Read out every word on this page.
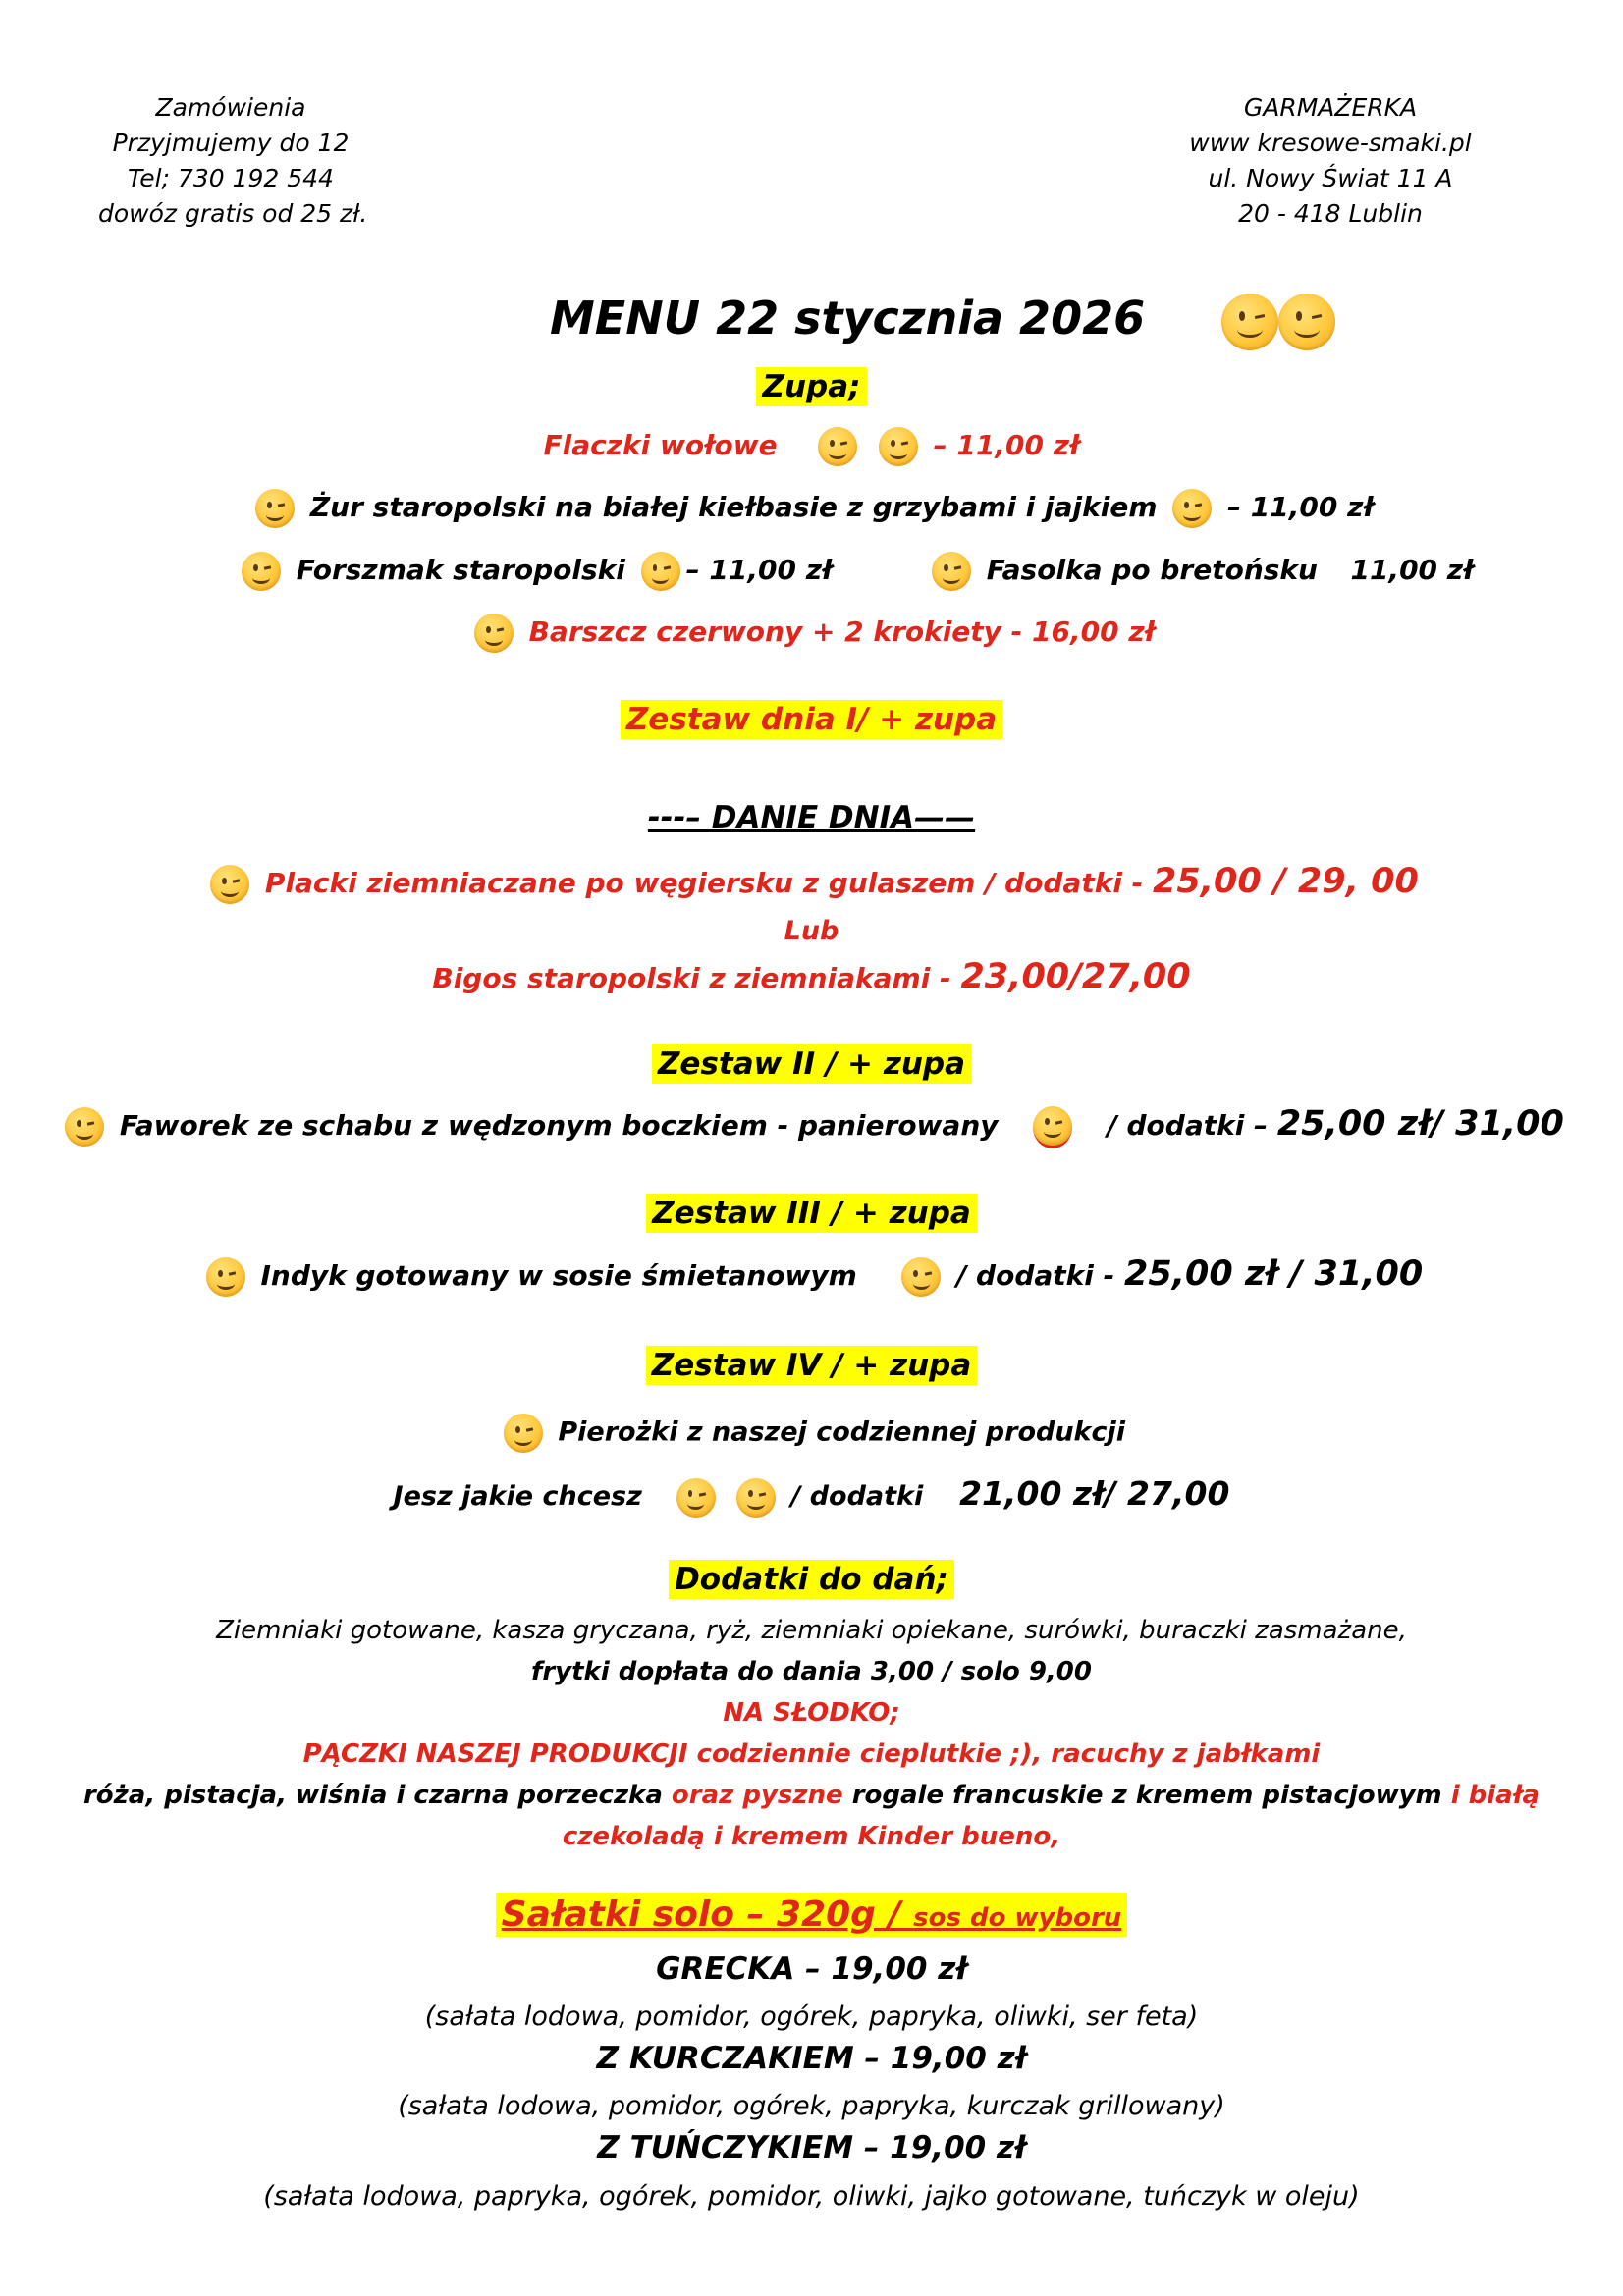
Zamówienia
Przyjmujemy do 12
Tel; 730 192 544
dowóz gratis od 25 zł.
GARMAŻERKA
www kresowe-smaki.pl
ul. Nowy Świat 11 A
20 - 418 Lublin
MENU 22 stycznia 2026
Zupa;
Flaczki wołowe
	– 11,00 zł
Żur staropolski na białej kiełbasie z grzybami i jajkiem	– 11,00 zł
Forszmak staropolski – 11,00 zł	Fasolka po bretońsku 11,00 zł
Barszcz czerwony + 2 krokiety - 16,00 zł
Zestaw dnia I/ + zupa
---– DANIE DNIA——
Placki ziemniaczane po węgiersku z gulaszem / dodatki - 25,00 / 29, 00
Lub
Bigos staropolski z ziemniakami - 23,00/27,00
Zestaw II / + zupa
Faworek ze schabu z wędzonym boczkiem - panierowany	/ dodatki – 25,00 zł/ 31,00
Zestaw III / + zupa
Indyk gotowany w sosie śmietanowym	/ dodatki - 25,00 zł / 31,00
Zestaw IV / + zupa
Pierożki z naszej codziennej produkcji
Jesz jakie chcesz
	/ dodatki 21,00 zł/ 27,00
Dodatki do dań;
Ziemniaki gotowane, kasza gryczana, ryż, ziemniaki opiekane, surówki, buraczki zasmażane,
frytki dopłata do dania 3,00 / solo 9,00
NA SŁODKO;
PĄCZKI NASZEJ PRODUKCJI codziennie cieplutkie ;), racuchy z jabłkami
róża, pistacja, wiśnia i czarna porzeczka oraz pyszne rogale francuskie z kremem pistacjowym i białą
czekoladą i kremem Kinder bueno,
Sałatki solo – 320g / sos do wyboru
GRECKA – 19,00 zł
(sałata lodowa, pomidor, ogórek, papryka, oliwki, ser feta)
Z KURCZAKIEM – 19,00 zł
(sałata lodowa, pomidor, ogórek, papryka, kurczak grillowany)
Z TUŃCZYKIEM – 19,00 zł
(sałata lodowa, papryka, ogórek, pomidor, oliwki, jajko gotowane, tuńczyk w oleju)
